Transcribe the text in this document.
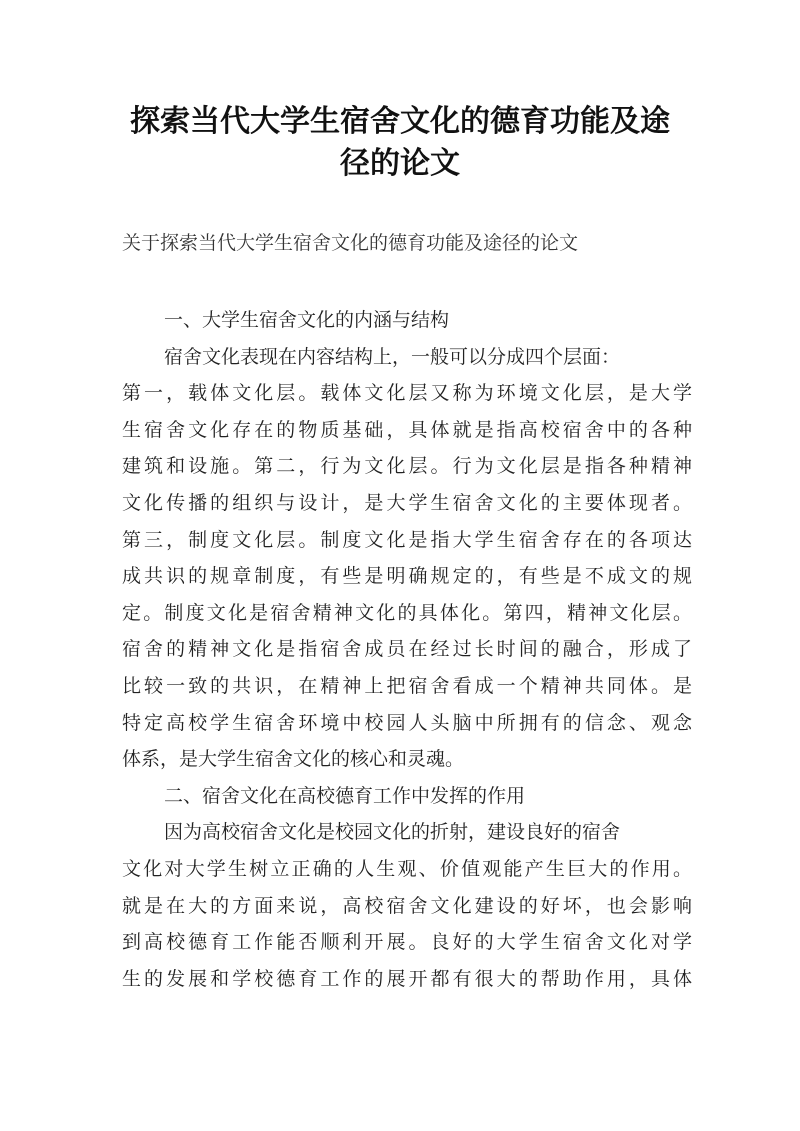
探索当代大学生宿舍文化的德育功能及途
径的论文

关于探索当代大学生宿舍文化的德育功能及途径的论文

一、大学生宿舍文化的内涵与结构

宿舍文化表现在内容结构上，一般可以分成四个层面：

第一，载体文化层。载体文化层又称为环境文化层，是大学

生宿舍文化存在的物质基础，具体就是指高校宿舍中的各种

建筑和设施。第二，行为文化层。行为文化层是指各种精神

文化传播的组织与设计，是大学生宿舍文化的主要体现者。

第三，制度文化层。制度文化是指大学生宿舍存在的各项达

成共识的规章制度，有些是明确规定的，有些是不成文的规

定。制度文化是宿舍精神文化的具体化。第四，精神文化层。

宿舍的精神文化是指宿舍成员在经过长时间的融合，形成了

比较一致的共识，在精神上把宿舍看成一个精神共同体。是

特定高校学生宿舍环境中校园人头脑中所拥有的信念、观念

体系，是大学生宿舍文化的核心和灵魂。

二、宿舍文化在高校德育工作中发挥的作用

因为高校宿舍文化是校园文化的折射，建设良好的宿舍

文化对大学生树立正确的人生观、价值观能产生巨大的作用。

就是在大的方面来说，高校宿舍文化建设的好坏，也会影响

到高校德育工作能否顺利开展。良好的大学生宿舍文化对学

生的发展和学校德育工作的展开都有很大的帮助作用，具体
